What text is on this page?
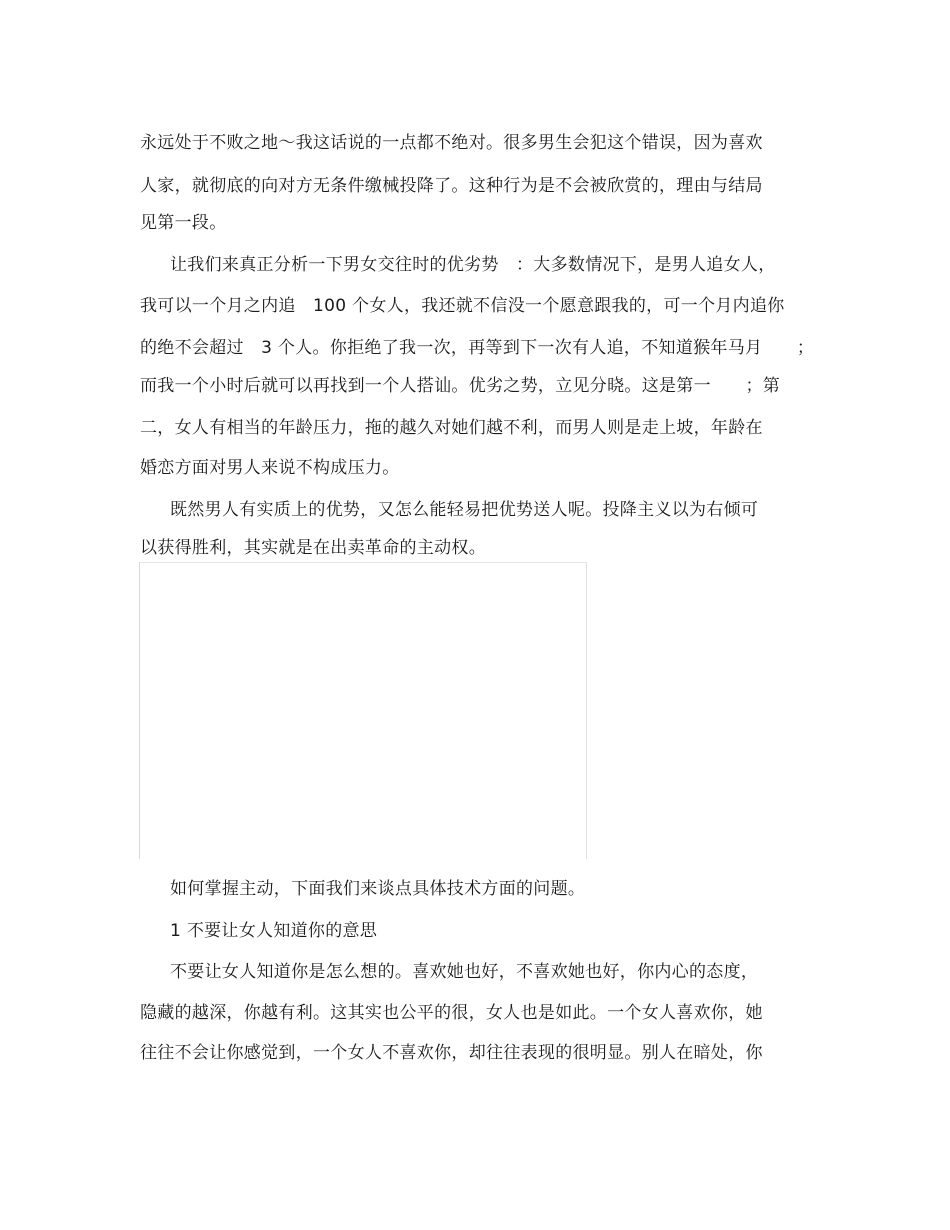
永远处于不败之地～我这话说的一点都不绝对。很多男生会犯这个错误，因为喜欢
人家，就彻底的向对方无条件缴械投降了。这种行为是不会被欣赏的，理由与结局
见第一段。
让我们来真正分析一下男女交往时的优劣势　：大多数情况下，是男人追女人，
我可以一个月之内追　100 个女人，我还就不信没一个愿意跟我的，可一个月内追你
的绝不会超过　3 个人。你拒绝了我一次，再等到下一次有人追，不知道猴年马月　　；
而我一个小时后就可以再找到一个人搭讪。优劣之势，立见分晓。这是第一　　；第
二，女人有相当的年龄压力，拖的越久对她们越不利，而男人则是走上坡，年龄在
婚恋方面对男人来说不构成压力。
既然男人有实质上的优势，又怎么能轻易把优势送人呢。投降主义以为右倾可
以获得胜利，其实就是在出卖革命的主动权。
如何掌握主动，下面我们来谈点具体技术方面的问题。
1 不要让女人知道你的意思
不要让女人知道你是怎么想的。喜欢她也好，不喜欢她也好，你内心的态度，
隐藏的越深，你越有利。这其实也公平的很，女人也是如此。一个女人喜欢你，她
往往不会让你感觉到，一个女人不喜欢你，却往往表现的很明显。别人在暗处，你
